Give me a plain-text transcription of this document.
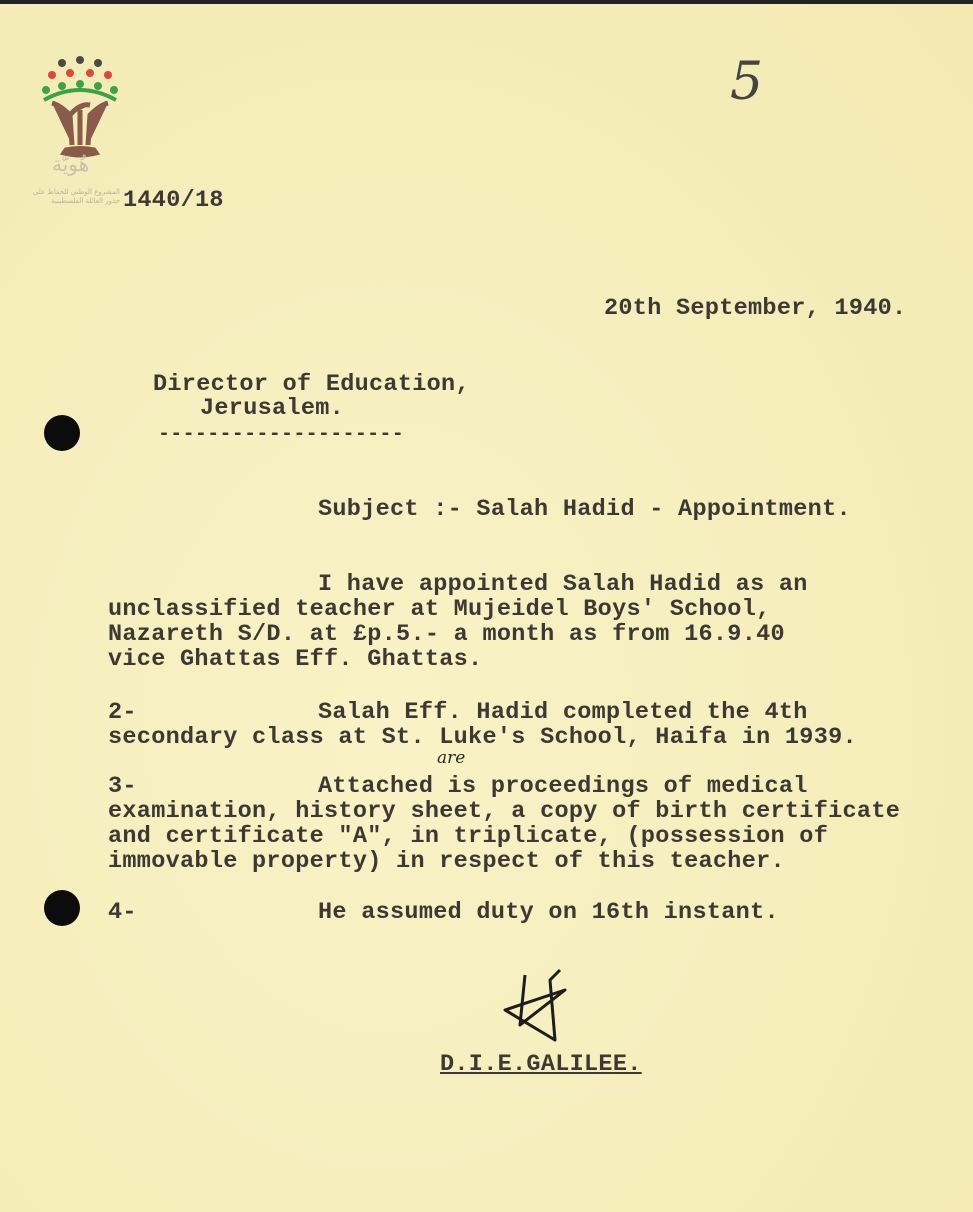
هُويّة
المشروع الوطني للحفاظ على جذور العائلة الفلسطينية
5
1440/18
20th September, 1940.
Director of Education,
Jerusalem.
--------------------
Subject :- Salah Hadid - Appointment.
I have appointed Salah Hadid as an
unclassified teacher at Mujeidel Boys' School,
Nazareth S/D. at £p.5.- a month as from 16.9.40
vice Ghattas Eff. Ghattas.
2-	Salah Eff. Hadid completed the 4th
secondary class at St. Luke's School, Haifa in 1939.
are
3-	Attached is proceedings of medical
examination, history sheet, a copy of birth certificate
and certificate "A", in triplicate, (possession of
immovable property) in respect of this teacher.
4-	He assumed duty on 16th instant.
D.I.E.GALILEE.
